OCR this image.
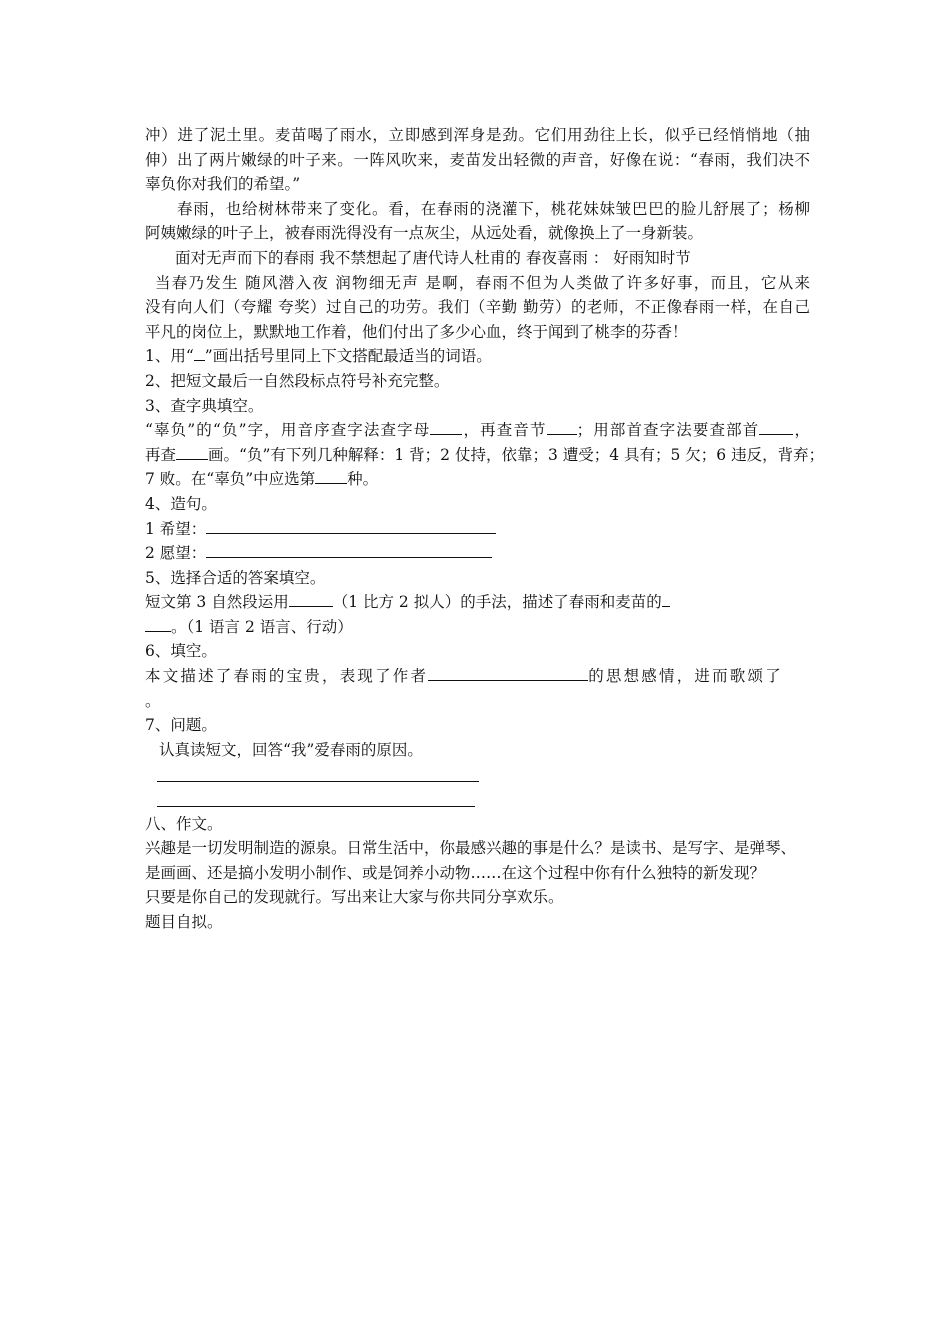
冲）进了泥土里。麦苗喝了雨水，立即感到浑身是劲。它们用劲往上长，似乎已经悄悄地（抽
伸）出了两片嫩绿的叶子来。一阵风吹来，麦苗发出轻微的声音，好像在说：“春雨，我们决不
辜负你对我们的希望。”
春雨，也给树林带来了变化。看，在春雨的浇灌下，桃花妹妹皱巴巴的脸儿舒展了；杨柳
阿姨嫩绿的叶子上，被春雨洗得没有一点灰尘，从远处看，就像换上了一身新装。
面对无声而下的春雨 我不禁想起了唐代诗人杜甫的 春夜喜雨 ： 好雨知时节
当春乃发生 随风潜入夜 润物细无声 是啊，春雨不但为人类做了许多好事，而且，它从来
没有向人们（夸耀 夸奖）过自己的功劳。我们（辛勤 勤劳）的老师，不正像春雨一样，在自己
平凡的岗位上，默默地工作着，他们付出了多少心血，终于闻到了桃李的芬香！
1、用“ ”画出括号里同上下文搭配最适当的词语。
2、把短文最后一自然段标点符号补充完整。
3、查字典填空。
“辜负”的“负”字，用音序查字法查字母 ，再查音节 ；用部首查字法要查部首 ，
再查 画。“负”有下列几种解释：1 背；2 仗持，依靠；3 遭受；4 具有；5 欠；6 违反，背弃；
7 败。在“辜负”中应选第 种。
4、造句。
1 希望：
2 愿望：
5、选择合适的答案填空。
短文第 3 自然段运用	（1 比方 2 拟人）的手法，描述了春雨和麦苗的
。（1 语言 2 语言、行动）
6、填空。
本文描述了春雨的宝贵，表现了作者	的思想感情，进而歌颂了
。
7、问题。
认真读短文，回答“我”爱春雨的原因。
八、作文。
兴趣是一切发明制造的源泉。日常生活中，你最感兴趣的事是什么？是读书、是写字、是弹琴、
是画画、还是搞小发明小制作、或是饲养小动物……在这个过程中你有什么独特的新发现？
只要是你自己的发现就行。写出来让大家与你共同分享欢乐。
题目自拟。
